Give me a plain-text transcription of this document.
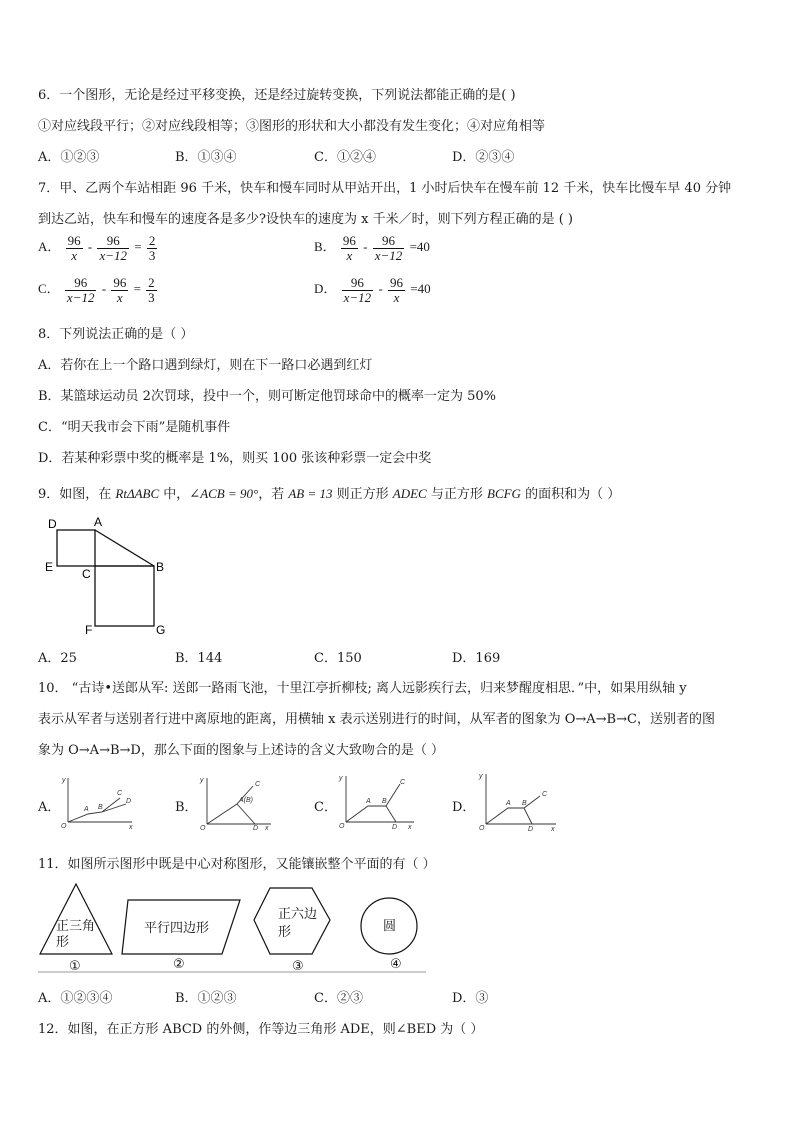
6．一个图形，无论是经过平移变换，还是经过旋转变换，下列说法都能正确的是( )
①对应线段平行；②对应线段相等；③图形的形状和大小都没有发生变化；④对应角相等
A．①②③	B．①③④	C．①②④	D．②③④
7．甲、乙两个车站相距 96 千米，快车和慢车同时从甲站开出，1 小时后快车在慢车前 12 千米，快车比慢车早 40 分钟
到达乙站，快车和慢车的速度各是多少?设快车的速度为 x 千米／时，则下列方程正确的是 ( )
A． $\frac{96}{x} - \frac{96}{x-12} = \frac{2}{3}$	B． $\frac{96}{x} - \frac{96}{x-12} =40$
C． $\frac{96}{x-12} - \frac{96}{x} = \frac{2}{3}$	D． $\frac{96}{x-12} - \frac{96}{x} =40$
8．下列说法正确的是（ ）
A．若你在上一个路口遇到绿灯，则在下一路口必遇到红灯
B．某篮球运动员 2次罚球，投中一个，则可断定他罚球命中的概率一定为 50%
C．“明天我市会下雨”是随机事件
D．若某种彩票中奖的概率是 1%，则买 100 张该种彩票一定会中奖
9．如图，在 RtΔABC 中，∠ACB = 90°，若 AB = 13 则正方形 ADEC 与正方形 BCFG 的面积和为（ ）
D	A
E C	B
F	G
A．25	B．144	C．150	D．169
10． “古诗•送郎从军: 送郎一路雨飞池，十里江亭折柳枝; 离人远影疾行去，归来梦醒度相思．”中，如果用纵轴 y
表示从军者与送别者行进中离原地的距离，用横轴 x 表示送别进行的时间，从军者的图象为 O→A→B→C，送别者的图
象为 O→A→B→D，那么下面的图象与上述诗的含义大致吻合的是（ ）
A．	B．	C．	D．
y
O	x
A B
C
D
y
O	x
A(B)
C
D
y
O	x
A B
C
D
y
O	x
A B
C
D
11．如图所示图形中既是中心对称图形，又能镶嵌整个平面的有（ ）
正三角
形
①
平行四边形
②
正六边
形
③
圆
④
A．①②③④	B．①②③	C．②③	D．③
12．如图，在正方形 ABCD 的外侧，作等边三角形 ADE，则∠BED 为（ ）
